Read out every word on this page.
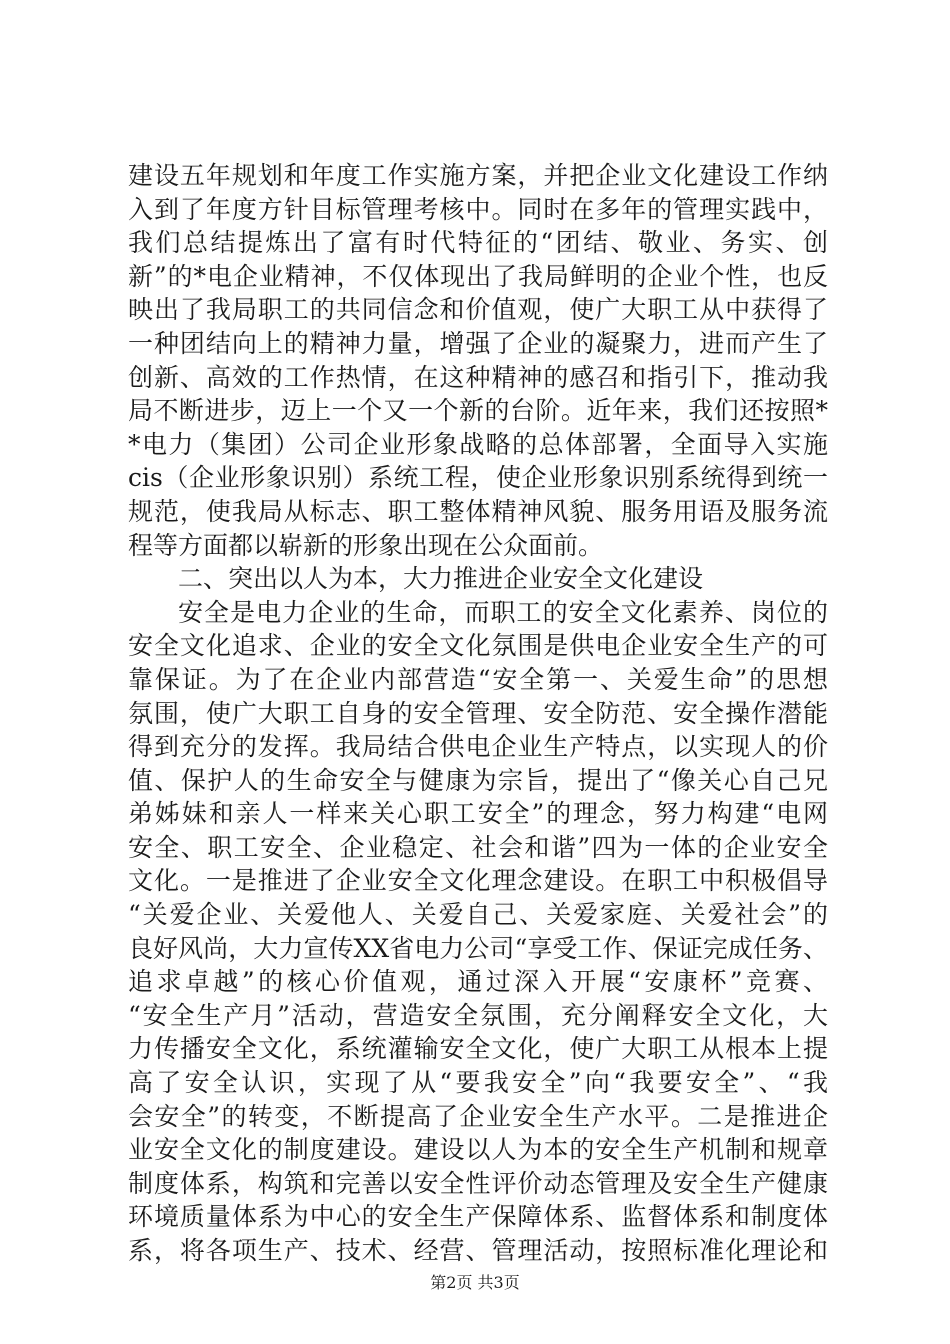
建设五年规划和年度工作实施方案，并把企业文化建设工作纳
入到了年度方针目标管理考核中。同时在多年的管理实践中，
我们总结提炼出了富有时代特征的“团结、敬业、务实、创
新”的*电企业精神，不仅体现出了我局鲜明的企业个性，也反
映出了我局职工的共同信念和价值观，使广大职工从中获得了
一种团结向上的精神力量，增强了企业的凝聚力，进而产生了
创新、高效的工作热情，在这种精神的感召和指引下，推动我
局不断进步，迈上一个又一个新的台阶。近年来，我们还按照*
*电力（集团）公司企业形象战略的总体部署，全面导入实施
cis（企业形象识别）系统工程，使企业形象识别系统得到统一
规范，使我局从标志、职工整体精神风貌、服务用语及服务流
程等方面都以崭新的形象出现在公众面前。
二、突出以人为本，大力推进企业安全文化建设
安全是电力企业的生命，而职工的安全文化素养、岗位的
安全文化追求、企业的安全文化氛围是供电企业安全生产的可
靠保证。为了在企业内部营造“安全第一、关爱生命”的思想
氛围，使广大职工自身的安全管理、安全防范、安全操作潜能
得到充分的发挥。我局结合供电企业生产特点，以实现人的价
值、保护人的生命安全与健康为宗旨，提出了“像关心自己兄
弟姊妹和亲人一样来关心职工安全”的理念，努力构建“电网
安全、职工安全、企业稳定、社会和谐”四为一体的企业安全
文化。一是推进了企业安全文化理念建设。在职工中积极倡导
“关爱企业、关爱他人、关爱自己、关爱家庭、关爱社会”的
良好风尚，大力宣传XX省电力公司“享受工作、保证完成任务、
追求卓越”的核心价值观，通过深入开展“安康杯”竞赛、
“安全生产月”活动，营造安全氛围，充分阐释安全文化，大
力传播安全文化，系统灌输安全文化，使广大职工从根本上提
高了安全认识，实现了从“要我安全”向“我要安全”、“我
会安全”的转变，不断提高了企业安全生产水平。二是推进企
业安全文化的制度建设。建设以人为本的安全生产机制和规章
制度体系，构筑和完善以安全性评价动态管理及安全生产健康
环境质量体系为中心的安全生产保障体系、监督体系和制度体
系，将各项生产、技术、经营、管理活动，按照标准化理论和
第2页 共3页
